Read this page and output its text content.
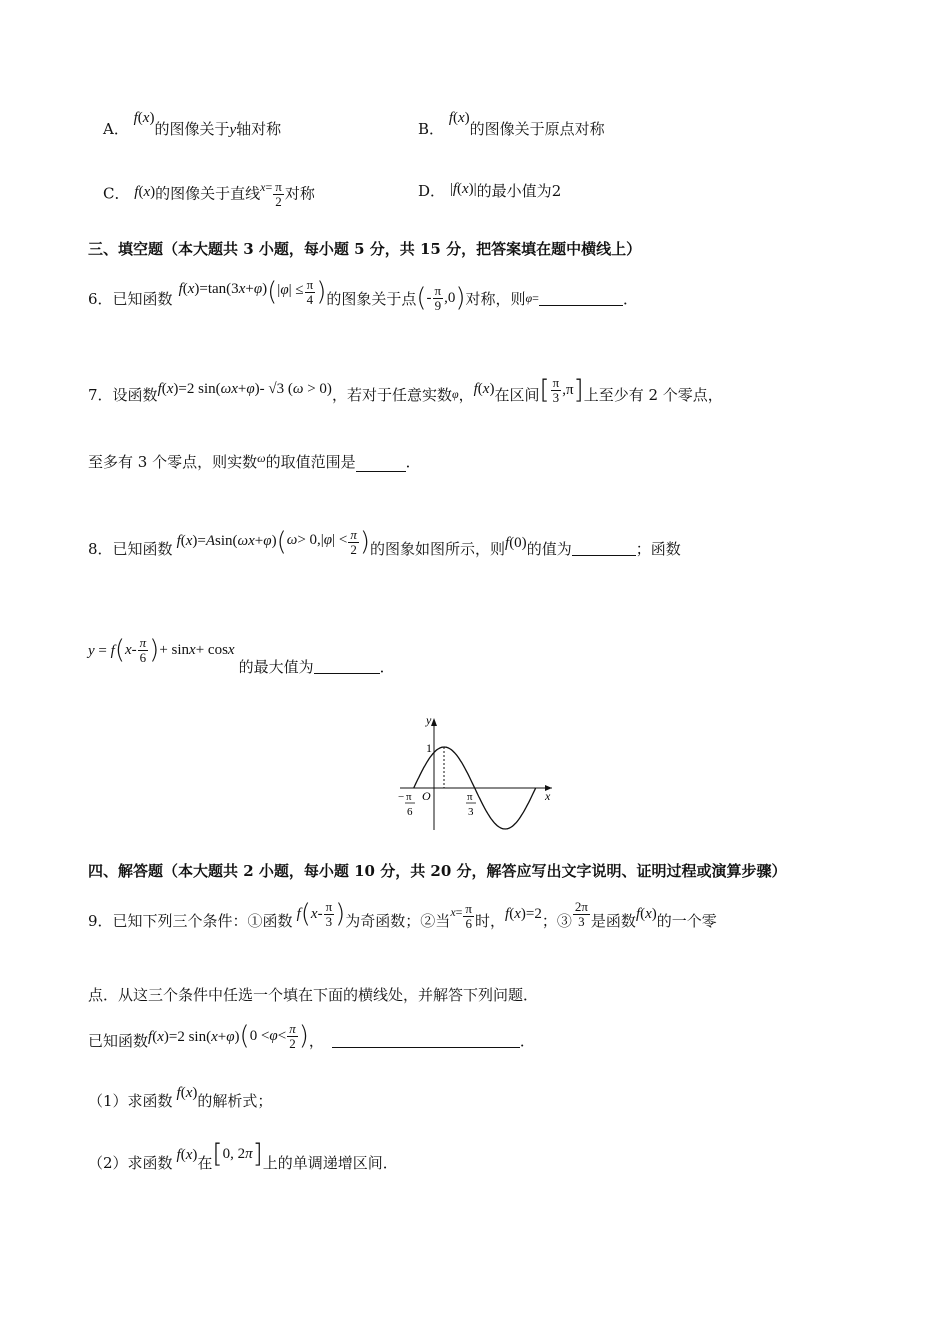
A． f(x)的图像关于y轴对称	B． f(x)的图像关于原点对称
C． f(x)的图像关于直线$^{x=} \frac{\pi}{2}$ 对称	D． |f(x)|的最小值为2
三、填空题（本大题共 3 小题，每小题 5 分，共 15 分，把答案填在题中横线上）
6． 已知函数
f(x)=tan(3x+φ) ( | φ | ≤ $\frac{\pi}{4}$ ) 的图象关于点 ( - $\frac{\pi}{9} ,0$ ) 对称，则 φ =	．
7． 设函数 f(x)=2 sin(ωx+φ)- √3 (ω > 0) ，若对于任意实数 φ ， f(x) 在区间 [ $\frac{\pi}{3} ,\pi$ ] 上至少有 2 个零点，
至多有 3 个零点，则实数$^\omega$的取值范围是	．
8． 已知函数 f(x)=Asin(ωx+φ) ( ω > 0,| φ | < $\frac{\pi}{2}$ ) 的图象如图所示，则 f(0) 的值为	；函数
y = f ( x - $\frac{\pi}{6}$ ) + sin x + cos x
的最大值为	．
y
x
O
1
− π
6
π
3
四、解答题（本大题共 2 小题，每小题 10 分，共 20 分，解答应写出文字说明、证明过程或演算步骤）
9． 已知下列三个条件：①函数 f ( x - $\frac{\pi}{3}$ ) 为奇函数；②当 $x = \frac{\pi}{6}$ 时， f ( x )=2 ；③ $\frac{2\pi}{3}$ 是函数 f ( x ) 的一个零
点．从这三个条件中任选一个填在下面的横线处，并解答下列问题．
已知函数 f(x)=2 sin(x+φ) ( $0 < \varphi < \frac{\pi}{2}$ ) ，	．
（1）求函数 f(x) 的解析式；
（2）求函数 f(x) 在 [ 0, 2 π ] 上的单调递增区间．
